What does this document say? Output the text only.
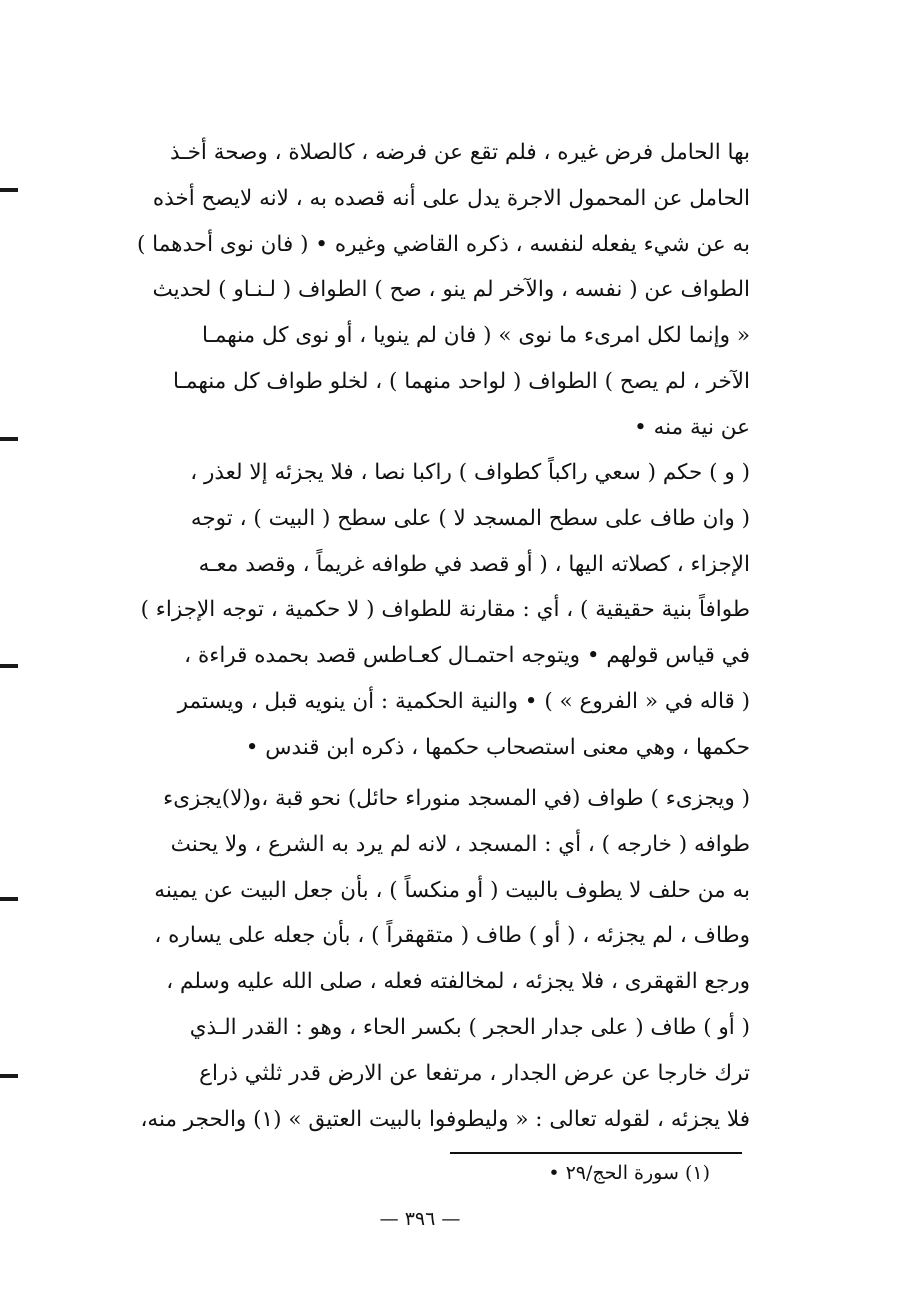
بها الحامل فرض غيره ، فلم تقع عن فرضه ، كالصلاة ، وصحة أخـذ
الحامل عن المحمول الاجرة يدل على أنه قصده به ، لانه لايصح أخذه
به عن شيء يفعله لنفسه ، ذكره القاضي وغيره • ( فان نوى أحدهما )
الطواف عن ( نفسه ، والآخر لم ينو ، صح ) الطواف ( لـنـاو ) لحديث
« وإنما لكل امرىء ما نوى » ( فان لم ينويا ، أو نوى كل منهمـا
الآخر ، لم يصح ) الطواف ( لواحد منهما ) ، لخلو طواف كل منهمـا
عن نية منه •
( و ) حكم ( سعي راكباً كطواف ) راكبا نصا ، فلا يجزئه إلا لعذر ،
( وان طاف على سطح المسجد لا ) على سطح ( البيت ) ، توجه
الإجزاء ، كصلاته اليها ، ( أو قصد في طوافه غريماً ، وقصد معـه
طوافاً بنية حقيقية ) ، أي : مقارنة للطواف ( لا حكمية ، توجه الإجزاء )
في قياس قولهم • ويتوجه احتمـال كعـاطس قصد بحمده قراءة ،
( قاله في « الفروع » ) • والنية الحكمية : أن ينويه قبل ، ويستمر
حكمها ، وهي معنى استصحاب حكمها ، ذكره ابن قندس •
( ويجزىء ) طواف (في المسجد منوراء حائل) نحو قبة ،و(لا)يجزىء
طوافه ( خارجه ) ، أي : المسجد ، لانه لم يرد به الشرع ، ولا يحنث
به من حلف لا يطوف بالبيت ( أو منكساً ) ، بأن جعل البيت عن يمينه
وطاف ، لم يجزئه ، ( أو ) طاف ( متقهقراً ) ، بأن جعله على يساره ،
ورجع القهقرى ، فلا يجزئه ، لمخالفته فعله ، صلى الله عليه وسلم ،
( أو ) طاف ( على جدار الحجر ) بكسر الحاء ، وهو : القدر الـذي
ترك خارجا عن عرض الجدار ، مرتفعا عن الارض قدر ثلثي ذراع
فلا يجزئه ، لقوله تعالى : « وليطوفوا بالبيت العتيق » (١) والحجر منه،
(١) سورة الحج/٢٩ •
— ٣٩٦ —
